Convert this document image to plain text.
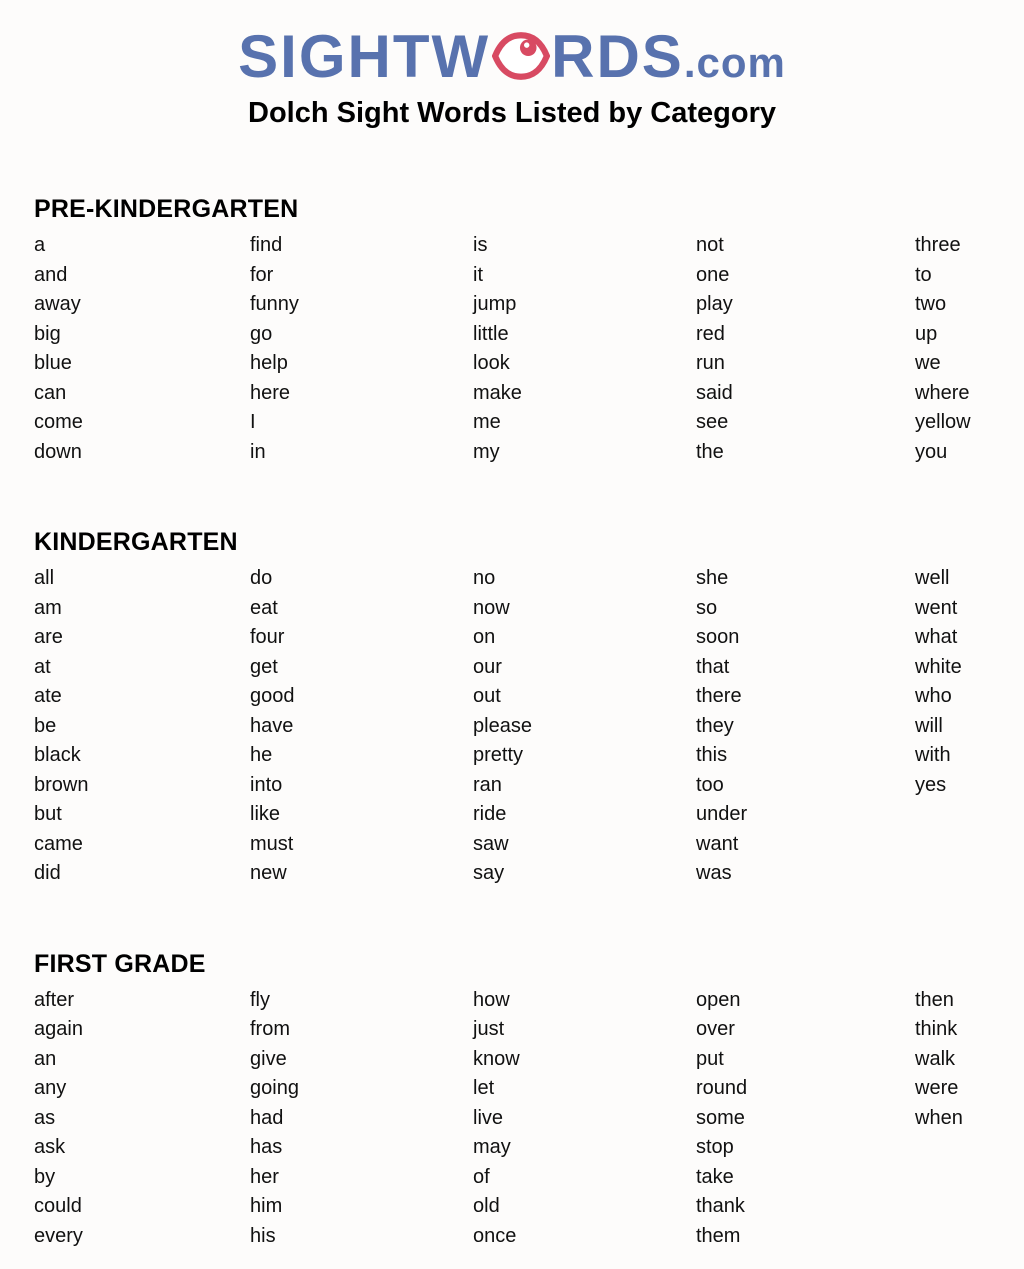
SIGHTW RDS .com
Dolch Sight Words Listed by Category
PRE-KINDERGARTEN
a
and
away
big
blue
can
come
down
find
for
funny
go
help
here
I
in
is
it
jump
little
look
make
me
my
not
one
play
red
run
said
see
the
three
to
two
up
we
where
yellow
you
KINDERGARTEN
all
am
are
at
ate
be
black
brown
but
came
did
do
eat
four
get
good
have
he
into
like
must
new
no
now
on
our
out
please
pretty
ran
ride
saw
say
she
so
soon
that
there
they
this
too
under
want
was
well
went
what
white
who
will
with
yes
FIRST GRADE
after
again
an
any
as
ask
by
could
every
fly
from
give
going
had
has
her
him
his
how
just
know
let
live
may
of
old
once
open
over
put
round
some
stop
take
thank
them
then
think
walk
were
when
